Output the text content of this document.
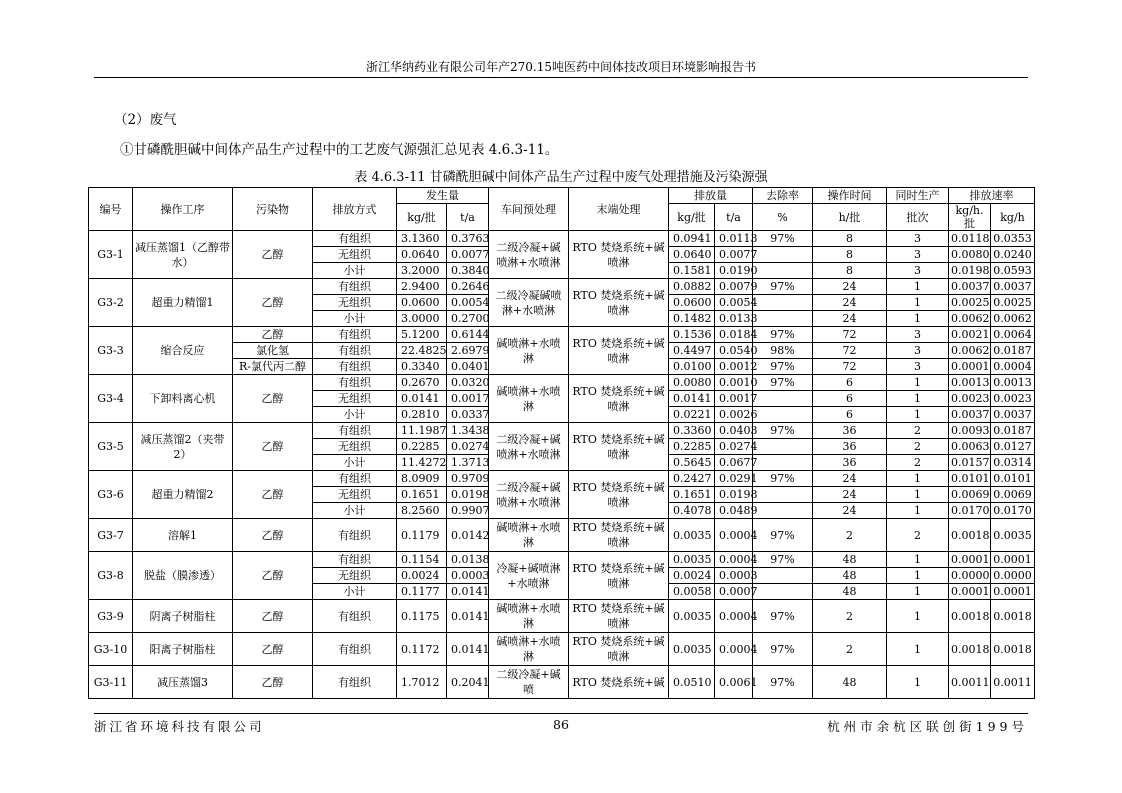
浙江华纳药业有限公司年产270.15吨医药中间体技改项目环境影响报告书
（2）废气
①甘磷酰胆碱中间体产品生产过程中的工艺废气源强汇总见表 4.6.3-11。
表 4.6.3-11 甘磷酰胆碱中间体产品生产过程中废气处理措施及污染源强
编号	操作工序	污染物	排放方式	发生量		车间预处理	末端处理	排放量		去除率	操作时间	同时生产	排放速率	
				kg/批	t/a			kg/批	t/a	%	h/批	批次	kg/h.批	kg/h
G3-1	减压蒸馏1（乙醇带水）	乙醇	有组织	3.1360	0.3763	二级冷凝+碱喷淋+水喷淋	RTO 焚烧系统+碱喷淋	0.0941	0.0113	97%	8	3	0.0118	0.0353
			无组织	0.0640	0.0077			0.0640	0.0077		8	3	0.0080	0.0240
			小计	3.2000	0.3840			0.1581	0.0190		8	3	0.0198	0.0593
G3-2	超重力精馏1	乙醇	有组织	2.9400	0.2646	二级冷凝碱喷淋+水喷淋	RTO 焚烧系统+碱喷淋	0.0882	0.0079	97%	24	1	0.0037	0.0037
			无组织	0.0600	0.0054			0.0600	0.0054		24	1	0.0025	0.0025
			小计	3.0000	0.2700			0.1482	0.0133		24	1	0.0062	0.0062
G3-3	缩合反应	乙醇	有组织	5.1200	0.6144	碱喷淋+水喷淋	RTO 焚烧系统+碱喷淋	0.1536	0.0184	97%	72	3	0.0021	0.0064
		氯化氢	有组织	22.4825	2.6979			0.4497	0.0540	98%	72	3	0.0062	0.0187
		R-氯代丙二醇	有组织	0.3340	0.0401			0.0100	0.0012	97%	72	3	0.0001	0.0004
G3-4	下卸料离心机	乙醇	有组织	0.2670	0.0320	碱喷淋+水喷淋	RTO 焚烧系统+碱喷淋	0.0080	0.0010	97%	6	1	0.0013	0.0013
			无组织	0.0141	0.0017			0.0141	0.0017		6	1	0.0023	0.0023
			小计	0.2810	0.0337			0.0221	0.0026		6	1	0.0037	0.0037
G3-5	减压蒸馏2（夹带2）	乙醇	有组织	11.1987	1.3438	二级冷凝+碱喷淋+水喷淋	RTO 焚烧系统+碱喷淋	0.3360	0.0403	97%	36	2	0.0093	0.0187
			无组织	0.2285	0.0274			0.2285	0.0274		36	2	0.0063	0.0127
			小计	11.4272	1.3713			0.5645	0.0677		36	2	0.0157	0.0314
G3-6	超重力精馏2	乙醇	有组织	8.0909	0.9709	二级冷凝+碱喷淋+水喷淋	RTO 焚烧系统+碱喷淋	0.2427	0.0291	97%	24	1	0.0101	0.0101
			无组织	0.1651	0.0198			0.1651	0.0198		24	1	0.0069	0.0069
			小计	8.2560	0.9907			0.4078	0.0489		24	1	0.0170	0.0170
G3-7	溶解1	乙醇	有组织	0.1179	0.0142	碱喷淋+水喷淋	RTO 焚烧系统+碱喷淋	0.0035	0.0004	97%	2	2	0.0018	0.0035
G3-8	脱盐（膜渗透）	乙醇	有组织	0.1154	0.0138	冷凝+碱喷淋+水喷淋	RTO 焚烧系统+碱喷淋	0.0035	0.0004	97%	48	1	0.0001	0.0001
			无组织	0.0024	0.0003			0.0024	0.0003		48	1	0.0000	0.0000
			小计	0.1177	0.0141			0.0058	0.0007		48	1	0.0001	0.0001
G3-9	阴离子树脂柱	乙醇	有组织	0.1175	0.0141	碱喷淋+水喷淋	RTO 焚烧系统+碱喷淋	0.0035	0.0004	97%	2	1	0.0018	0.0018
G3-10	阳离子树脂柱	乙醇	有组织	0.1172	0.0141	碱喷淋+水喷淋	RTO 焚烧系统+碱喷淋	0.0035	0.0004	97%	2	1	0.0018	0.0018
G3-11	减压蒸馏3	乙醇	有组织	1.7012	0.2041	二级冷凝+碱喷	RTO 焚烧系统+碱	0.0510	0.0061	97%	48	1	0.0011	0.0011
浙江省环境科技有限公司	86	杭州市余杭区联创街199号
